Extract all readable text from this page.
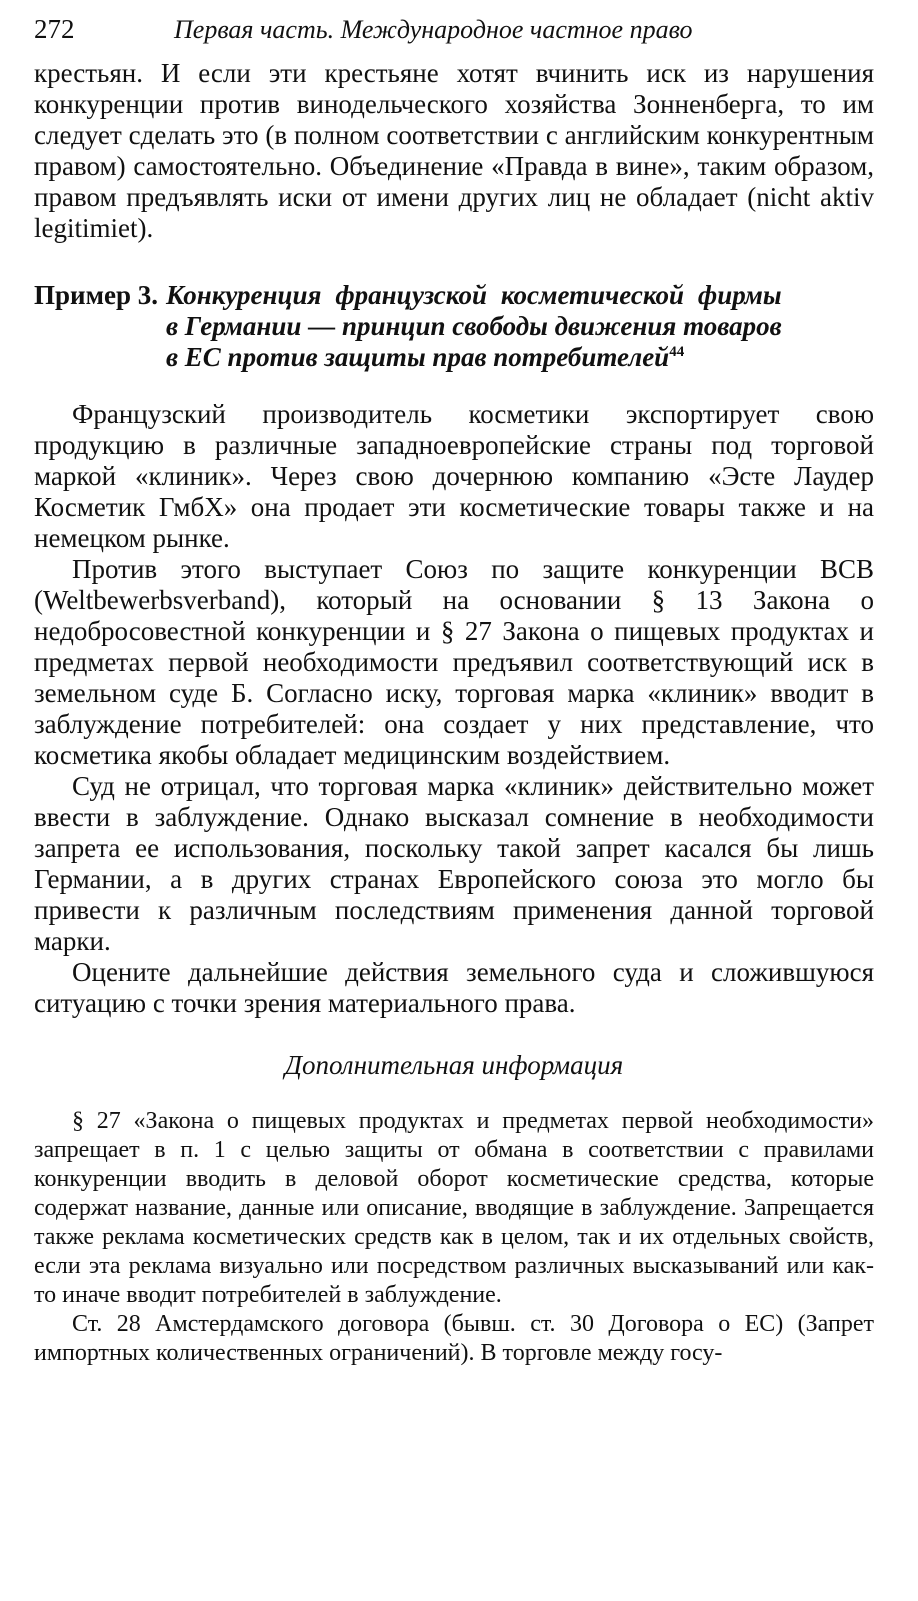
272	Первая часть. Международное частное право

крестьян. И если эти крестьяне хотят вчинить иск из нарушения конкуренции против винодельческого хозяйства Зонненберга, то им следует сделать это (в полном соответствии с английским конкурентным правом) самостоятельно. Объединение «Правда в вине», таким образом, правом предъявлять иски от имени других лиц не обладает (nicht aktiv legitimiet).

Пример 3. Конкуренция французской косметической фирмы
в Германии — принцип свободы движения товаров
в ЕС против защиты прав потребителей$^{44}$

Французский производитель косметики экспортирует свою продукцию в различные западноевропейские страны под торговой маркой «клиник». Через свою дочернюю компанию «Эсте Лаудер Косметик ГмбХ» она продает эти косметические товары также и на немецком рынке.

Против этого выступает Союз по защите конкуренции ВСВ (Weltbewerbsverband), который на основании § 13 Закона о недобросовестной конкуренции и § 27 Закона о пищевых продуктах и предметах первой необходимости предъявил соответствующий иск в земельном суде Б. Согласно иску, торговая марка «клиник» вводит в заблуждение потребителей: она создает у них представление, что косметика якобы обладает медицинским воздействием.

Суд не отрицал, что торговая марка «клиник» действительно может ввести в заблуждение. Однако высказал сомнение в необходимости запрета ее использования, поскольку такой запрет касался бы лишь Германии, а в других странах Европейского союза это могло бы привести к различным последствиям применения данной торговой марки.

Оцените дальнейшие действия земельного суда и сложившуюся ситуацию с точки зрения материального права.

Дополнительная информация

§ 27 «Закона о пищевых продуктах и предметах первой необходимости» запрещает в п. 1 с целью защиты от обмана в соответствии с правилами конкуренции вводить в деловой оборот косметические средства, которые содержат название, данные или описание, вводящие в заблуждение. Запрещается также реклама косметических средств как в целом, так и их отдельных свойств, если эта реклама визуально или посредством различных высказываний или как-то иначе вводит потребителей в заблуждение.

Ст. 28 Амстердамского договора (бывш. ст. 30 Договора о ЕС) (Запрет импортных количественных ограничений). В торговле между госу-
